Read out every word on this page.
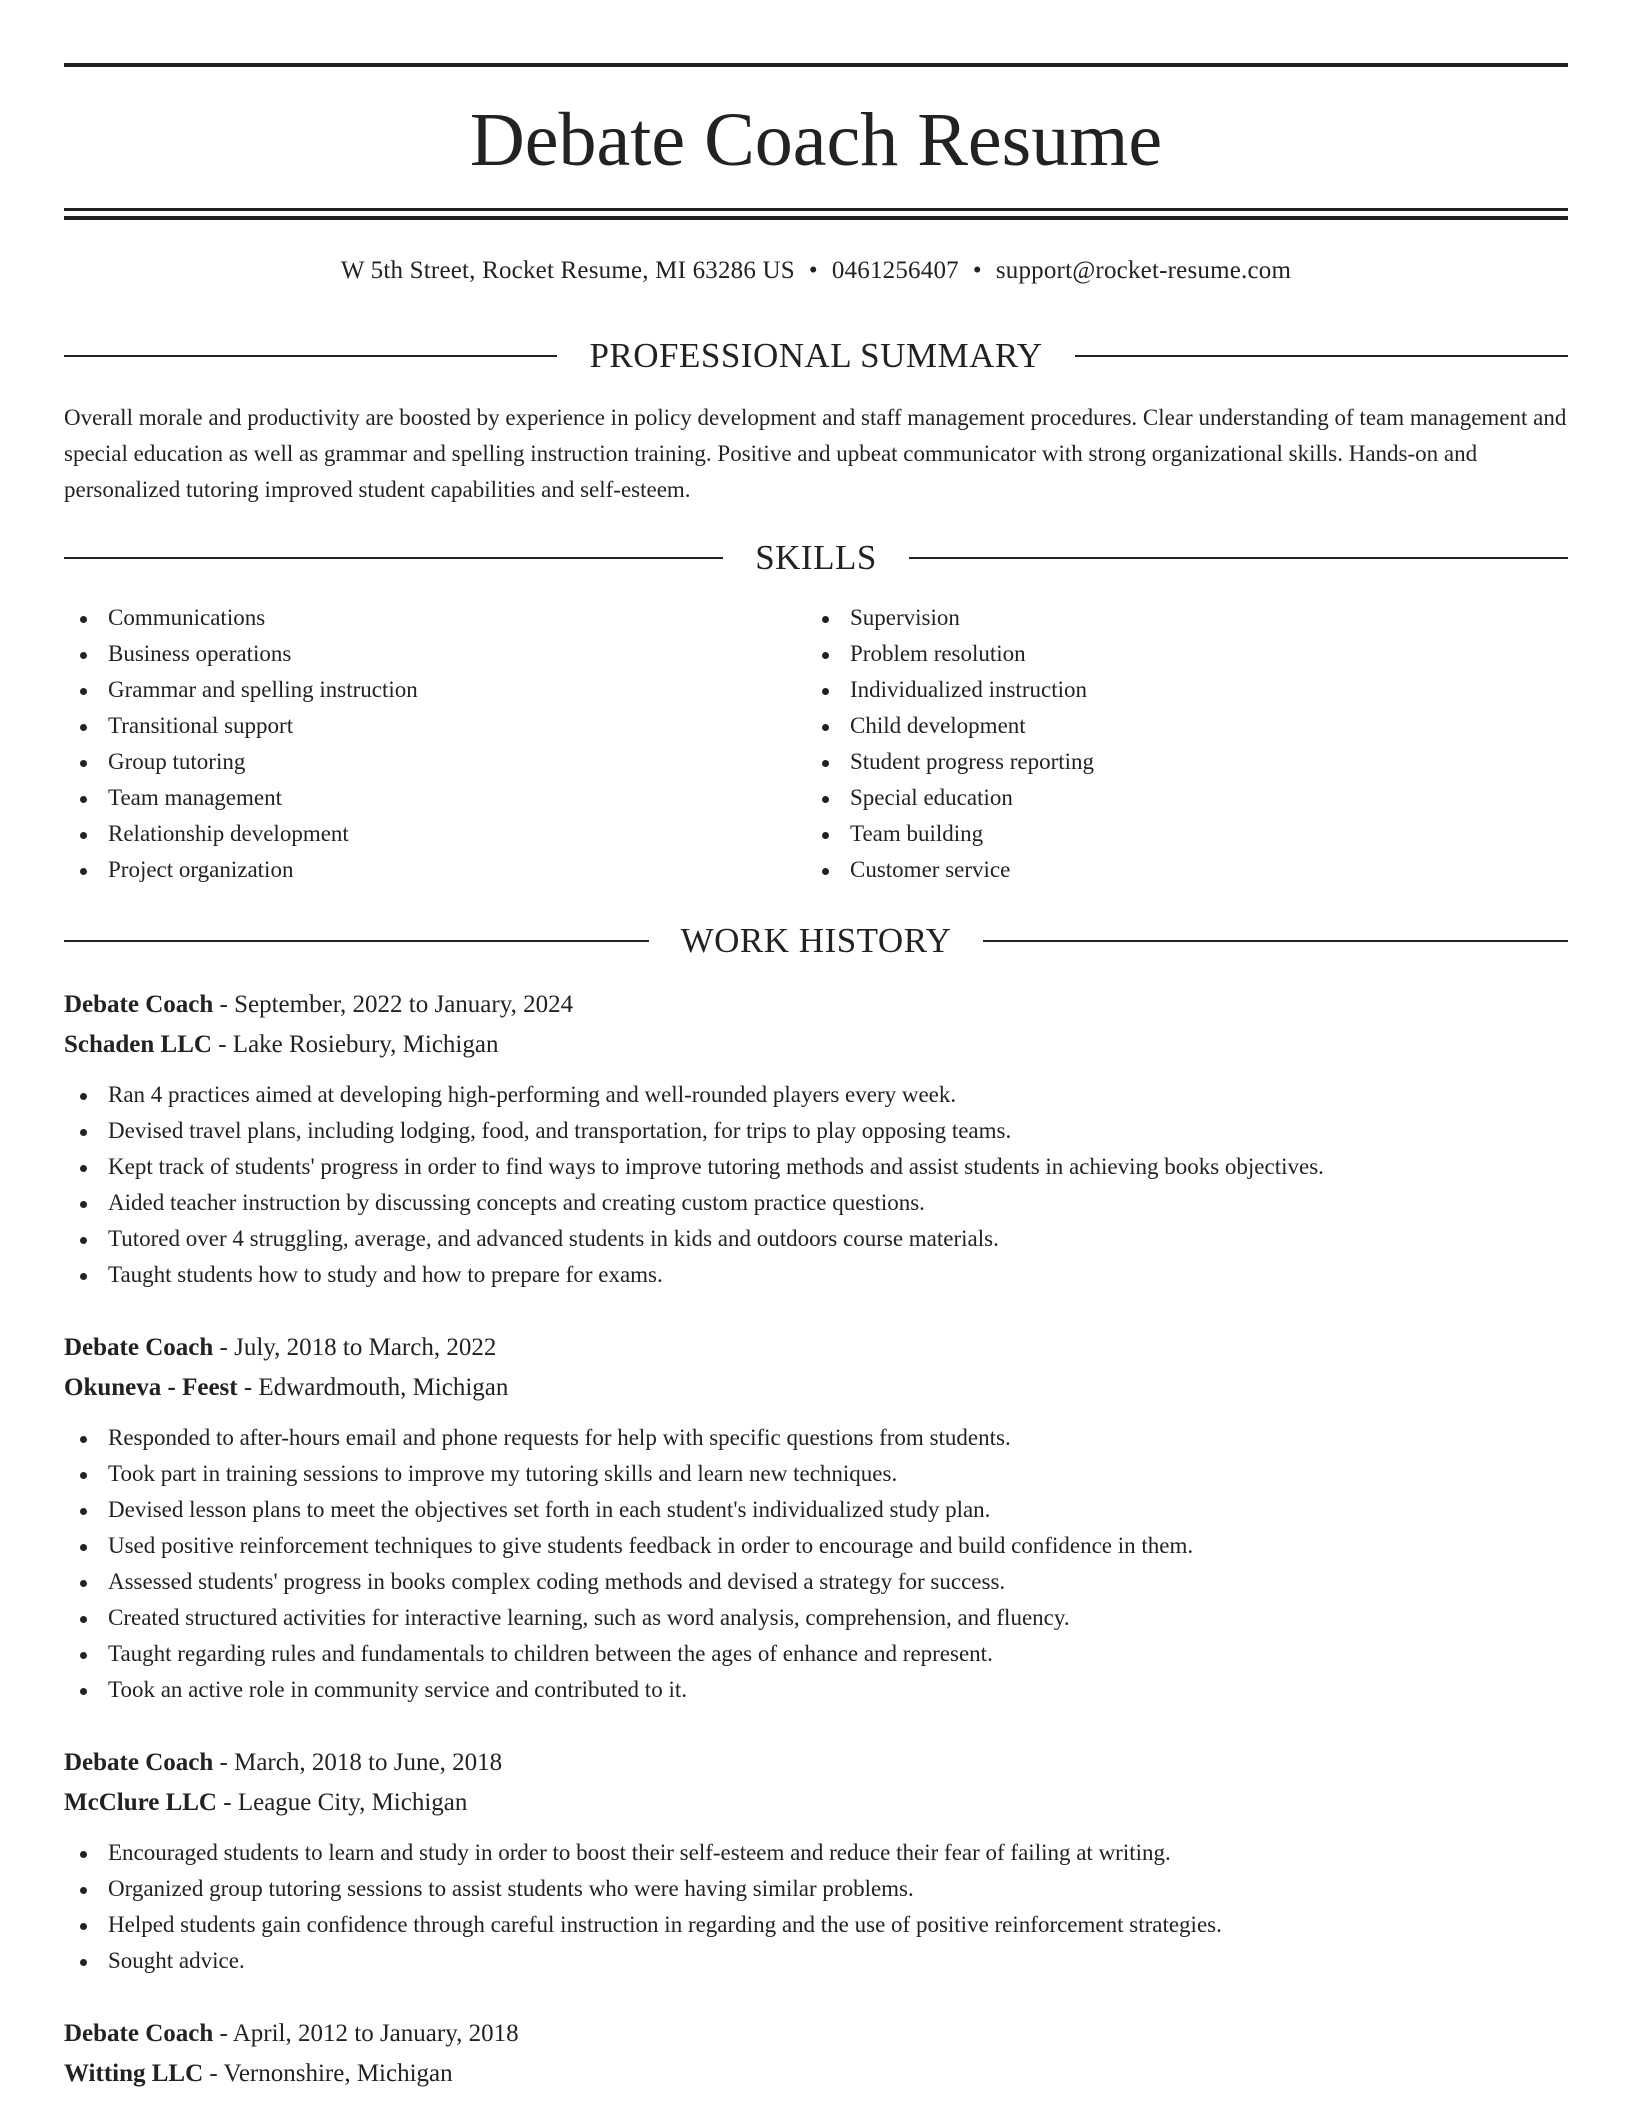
Debate Coach Resume
W 5th Street, Rocket Resume, MI 63286 US • 0461256407 • support@rocket-resume.com
PROFESSIONAL SUMMARY

Overall morale and productivity are boosted by experience in policy development and staff management procedures. Clear understanding of team management and special education as well as grammar and spelling instruction training. Positive and upbeat communicator with strong organizational skills. Hands-on and personalized tutoring improved student capabilities and self-esteem.

SKILLS
Communications
Business operations
Grammar and spelling instruction
Transitional support
Group tutoring
Team management
Relationship development
Project organization
Supervision
Problem resolution
Individualized instruction
Child development
Student progress reporting
Special education
Team building
Customer service
WORK HISTORY
Debate Coach - September, 2022 to January, 2024
Schaden LLC - Lake Rosiebury, Michigan
Ran 4 practices aimed at developing high-performing and well-rounded players every week.
Devised travel plans, including lodging, food, and transportation, for trips to play opposing teams.
Kept track of students' progress in order to find ways to improve tutoring methods and assist students in achieving books objectives.
Aided teacher instruction by discussing concepts and creating custom practice questions.
Tutored over 4 struggling, average, and advanced students in kids and outdoors course materials.
Taught students how to study and how to prepare for exams.
Debate Coach - July, 2018 to March, 2022
Okuneva - Feest - Edwardmouth, Michigan
Responded to after-hours email and phone requests for help with specific questions from students.
Took part in training sessions to improve my tutoring skills and learn new techniques.
Devised lesson plans to meet the objectives set forth in each student's individualized study plan.
Used positive reinforcement techniques to give students feedback in order to encourage and build confidence in them.
Assessed students' progress in books complex coding methods and devised a strategy for success.
Created structured activities for interactive learning, such as word analysis, comprehension, and fluency.
Taught regarding rules and fundamentals to children between the ages of enhance and represent.
Took an active role in community service and contributed to it.
Debate Coach - March, 2018 to June, 2018
McClure LLC - League City, Michigan
Encouraged students to learn and study in order to boost their self-esteem and reduce their fear of failing at writing.
Organized group tutoring sessions to assist students who were having similar problems.
Helped students gain confidence through careful instruction in regarding and the use of positive reinforcement strategies.
Sought advice.
Debate Coach - April, 2012 to January, 2018
Witting LLC - Vernonshire, Michigan
